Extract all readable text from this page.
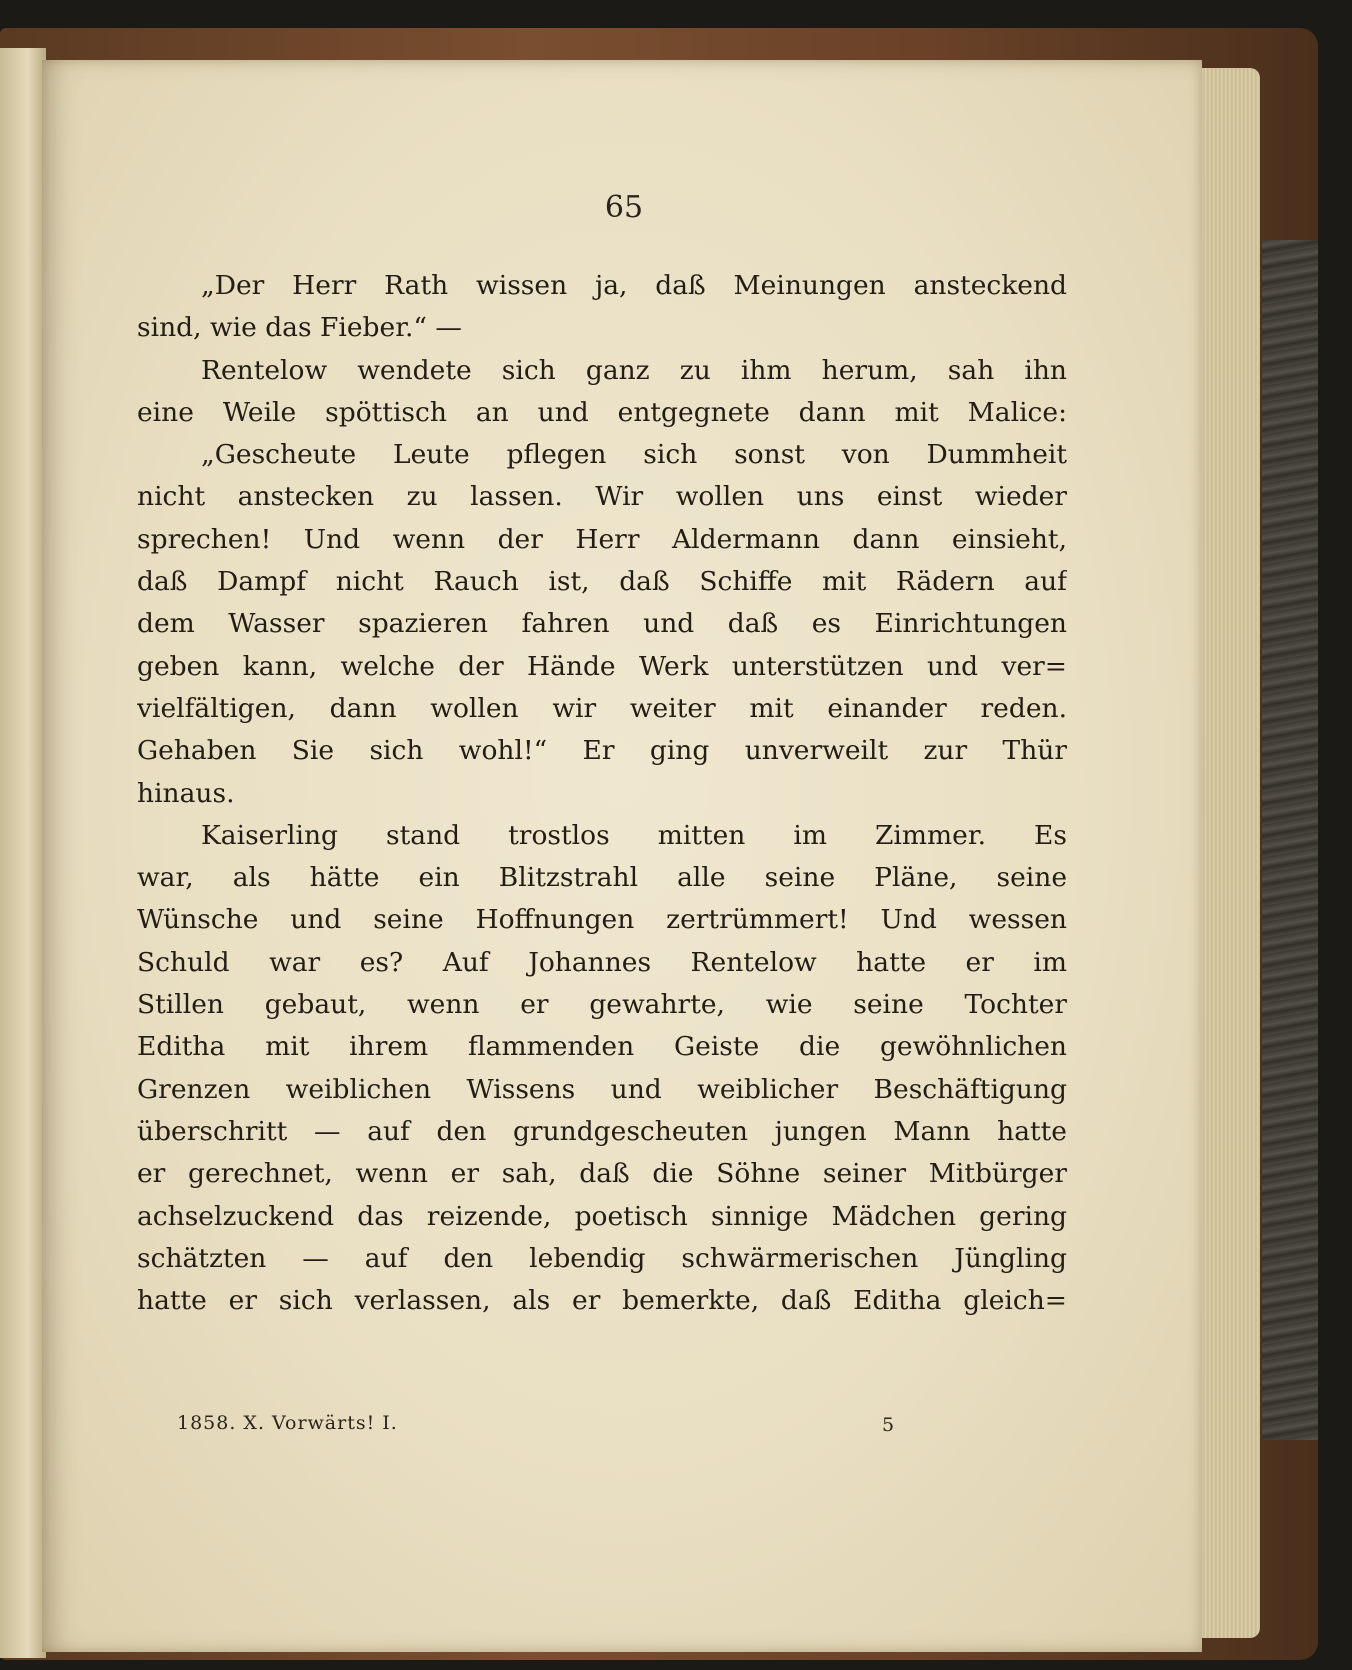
65
„Der Herr Rath wissen ja, daß Meinungen ansteckend
sind, wie das Fieber.“ —
Rentelow wendete sich ganz zu ihm herum, sah ihn
eine Weile spöttisch an und entgegnete dann mit Malice:
„Gescheute Leute pflegen sich sonst von Dummheit
nicht anstecken zu lassen. Wir wollen uns einst wieder
sprechen! Und wenn der Herr Aldermann dann einsieht,
daß Dampf nicht Rauch ist, daß Schiffe mit Rädern auf
dem Wasser spazieren fahren und daß es Einrichtungen
geben kann, welche der Hände Werk unterstützen und ver=
vielfältigen, dann wollen wir weiter mit einander reden.
Gehaben Sie sich wohl!“ Er ging unverweilt zur Thür
hinaus.
Kaiserling stand trostlos mitten im Zimmer. Es
war, als hätte ein Blitzstrahl alle seine Pläne, seine
Wünsche und seine Hoffnungen zertrümmert! Und wessen
Schuld war es? Auf Johannes Rentelow hatte er im
Stillen gebaut, wenn er gewahrte, wie seine Tochter
Editha mit ihrem flammenden Geiste die gewöhnlichen
Grenzen weiblichen Wissens und weiblicher Beschäftigung
überschritt — auf den grundgescheuten jungen Mann hatte
er gerechnet, wenn er sah, daß die Söhne seiner Mitbürger
achselzuckend das reizende, poetisch sinnige Mädchen gering
schätzten — auf den lebendig schwärmerischen Jüngling
hatte er sich verlassen, als er bemerkte, daß Editha gleich=
1858. X. Vorwärts! I.	5
